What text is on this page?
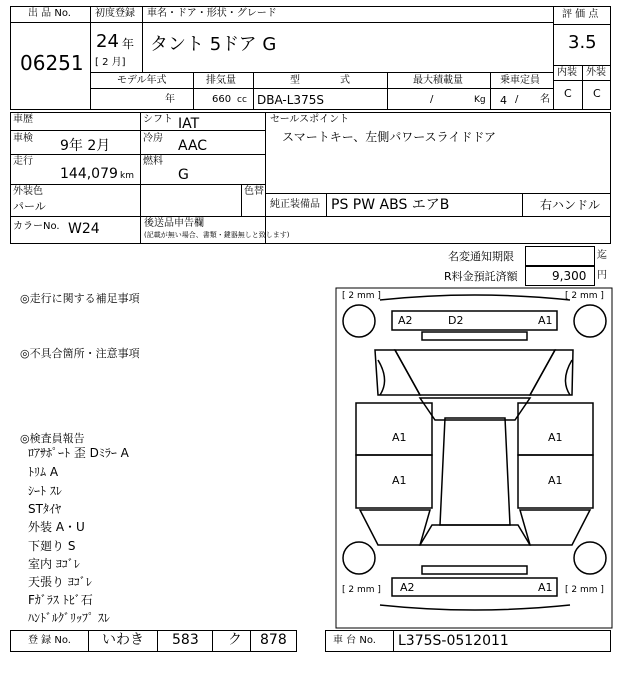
出 品 No.
06251
初度登録 車名・ドア・形状・グレード
24 年
[ 2 月]
タント 5ドア G
評 価 点
3.5
内装 外装
C C
モデル年式	排気量	型　　　　式	最大積載量	乗車定員
年	660 cc DBA-L375S	/	Kg 4 / 名
車歴	シフト IAT
車検 9年 2月	冷房 AAC
走行
144,079 km
燃料
G
外装色
パール
色替
セールスポイント
スマートキー、左側パワースライドドア
純正装備品 PS PW ABS エアB	右ハンドル
カラーNo. W24	後送品申告欄
(記載が無い場合、書類・鍵器無しと致します)
名変通知期限	迄
R料金預託済額	9,300 円
◎走行に関する補足事項
◎不具合箇所・注意事項
◎検査員報告
ﾛｱｻﾎﾟｰﾄ 歪 Dﾐﾗｰ A
ﾄﾘﾑ A
ｼｰﾄ ｽﾚ
STﾀｲﾔ
外装 A・U
下廻り S
室内 ﾖｺﾞﾚ
天張り ﾖｺﾞﾚ
Fｶﾞﾗｽ ﾄﾋﾞ石
ﾊﾝﾄﾞﾙｸﾞﾘｯﾌﾟ ｽﾚ
[ 2 mm ]	[ 2 mm ]
[ 2 mm ]	[ 2 mm ]
A2	D2	A1
A1	A1
A1	A1
A2	A1
登 録 No. いわき 583 ク 878	車 台 No. L375S-0512011
